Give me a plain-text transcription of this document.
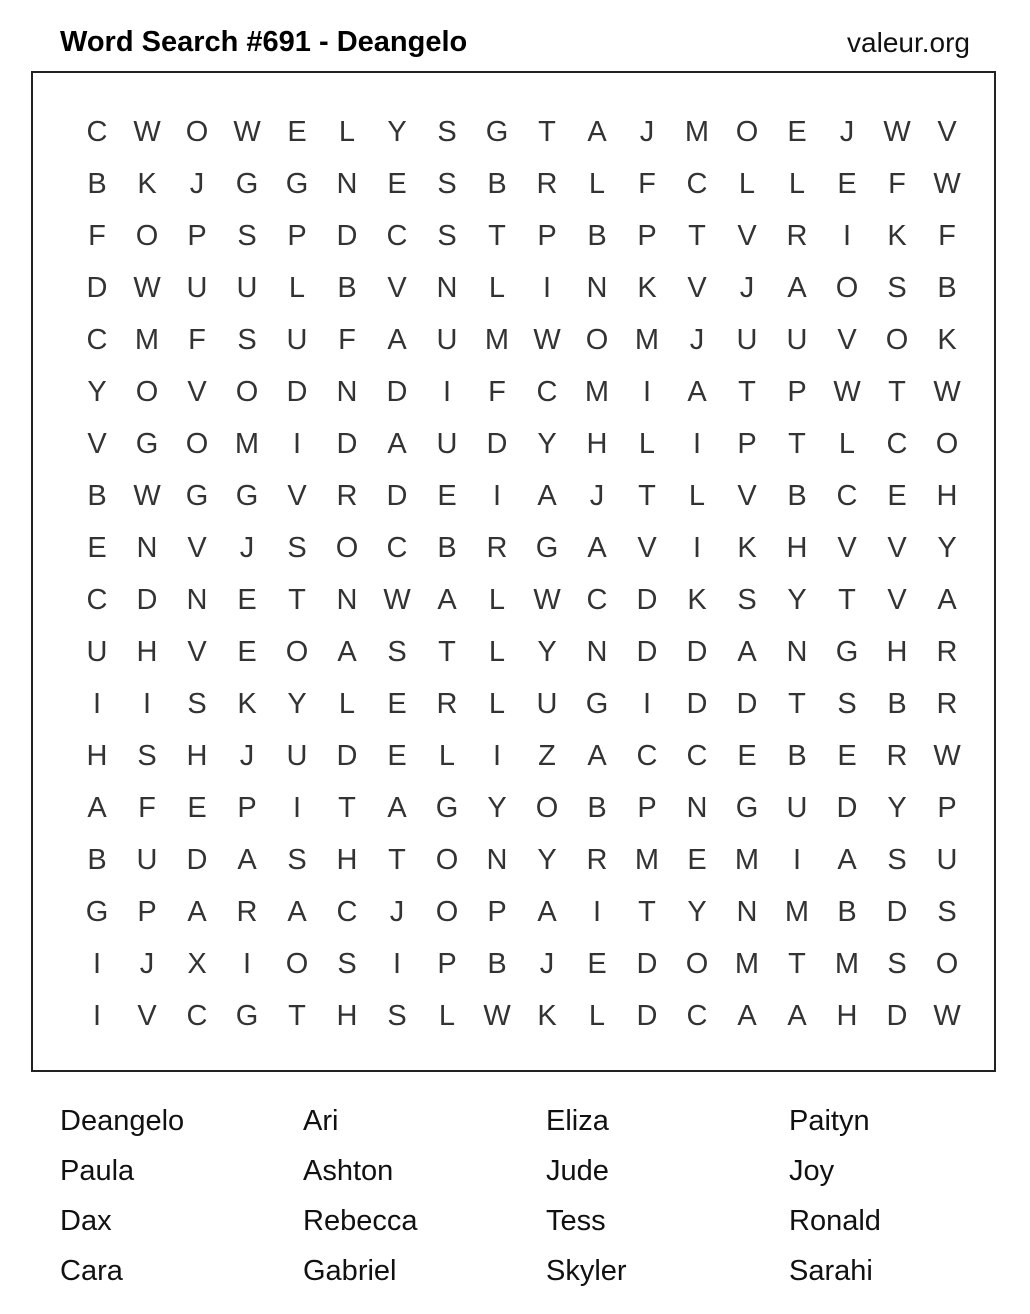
Word Search #691 - Deangelo	valeur.org
C W O W E	L	Y	S	G	T	A	J	M O	E	J	W V
B	K	J	G G N	E	S	B	R	L	F	C	L	L	E	F W
F	O	P	S	P	D	C	S	T	P	B	P	T	V	R	I	K	F
D W U	U	L	B	V	N	L	I	N	K	V	J	A	O	S	B
C M	F	S	U	F	A	U M W O M	J	U	U	V	O	K
Y	O	V	O D	N	D	I	F	C M	I	A	T	P W T W
V	G O M	I	D	A	U	D	Y	H	L	I	P	T	L	C O
B W G G	V	R	D	E	I	A	J	T	L	V	B	C	E	H
E	N	V	J	S	O C	B	R G	A	V	I	K	H	V	V	Y
C	D	N	E	T	N W A	L W C	D	K	S	Y	T	V	A
U	H	V	E	O	A	S	T	L	Y	N	D	D	A	N G H	R
I	I	S	K	Y	L	E	R	L	U G	I	D	D	T	S	B	R
H	S	H	J	U	D	E	L	I	Z	A	C	C	E	B	E	R W
A	F	E	P	I	T	A	G	Y	O	B	P	N G U	D	Y	P
B	U	D	A	S	H	T	O N	Y	R M E M	I	A	S	U
G	P	A	R	A	C	J	O	P	A	I	T	Y	N M B	D	S
I	J	X	I	O	S	I	P	B	J	E	D O M	T	M S	O
I	V	C G	T	H	S	L W K	L	D	C	A	A	H	D W
Deangelo	Ari	Eliza	Paityn
Paula	Ashton	Jude	Joy
Dax	Rebecca	Tess	Ronald
Cara	Gabriel	Skyler	Sarahi
